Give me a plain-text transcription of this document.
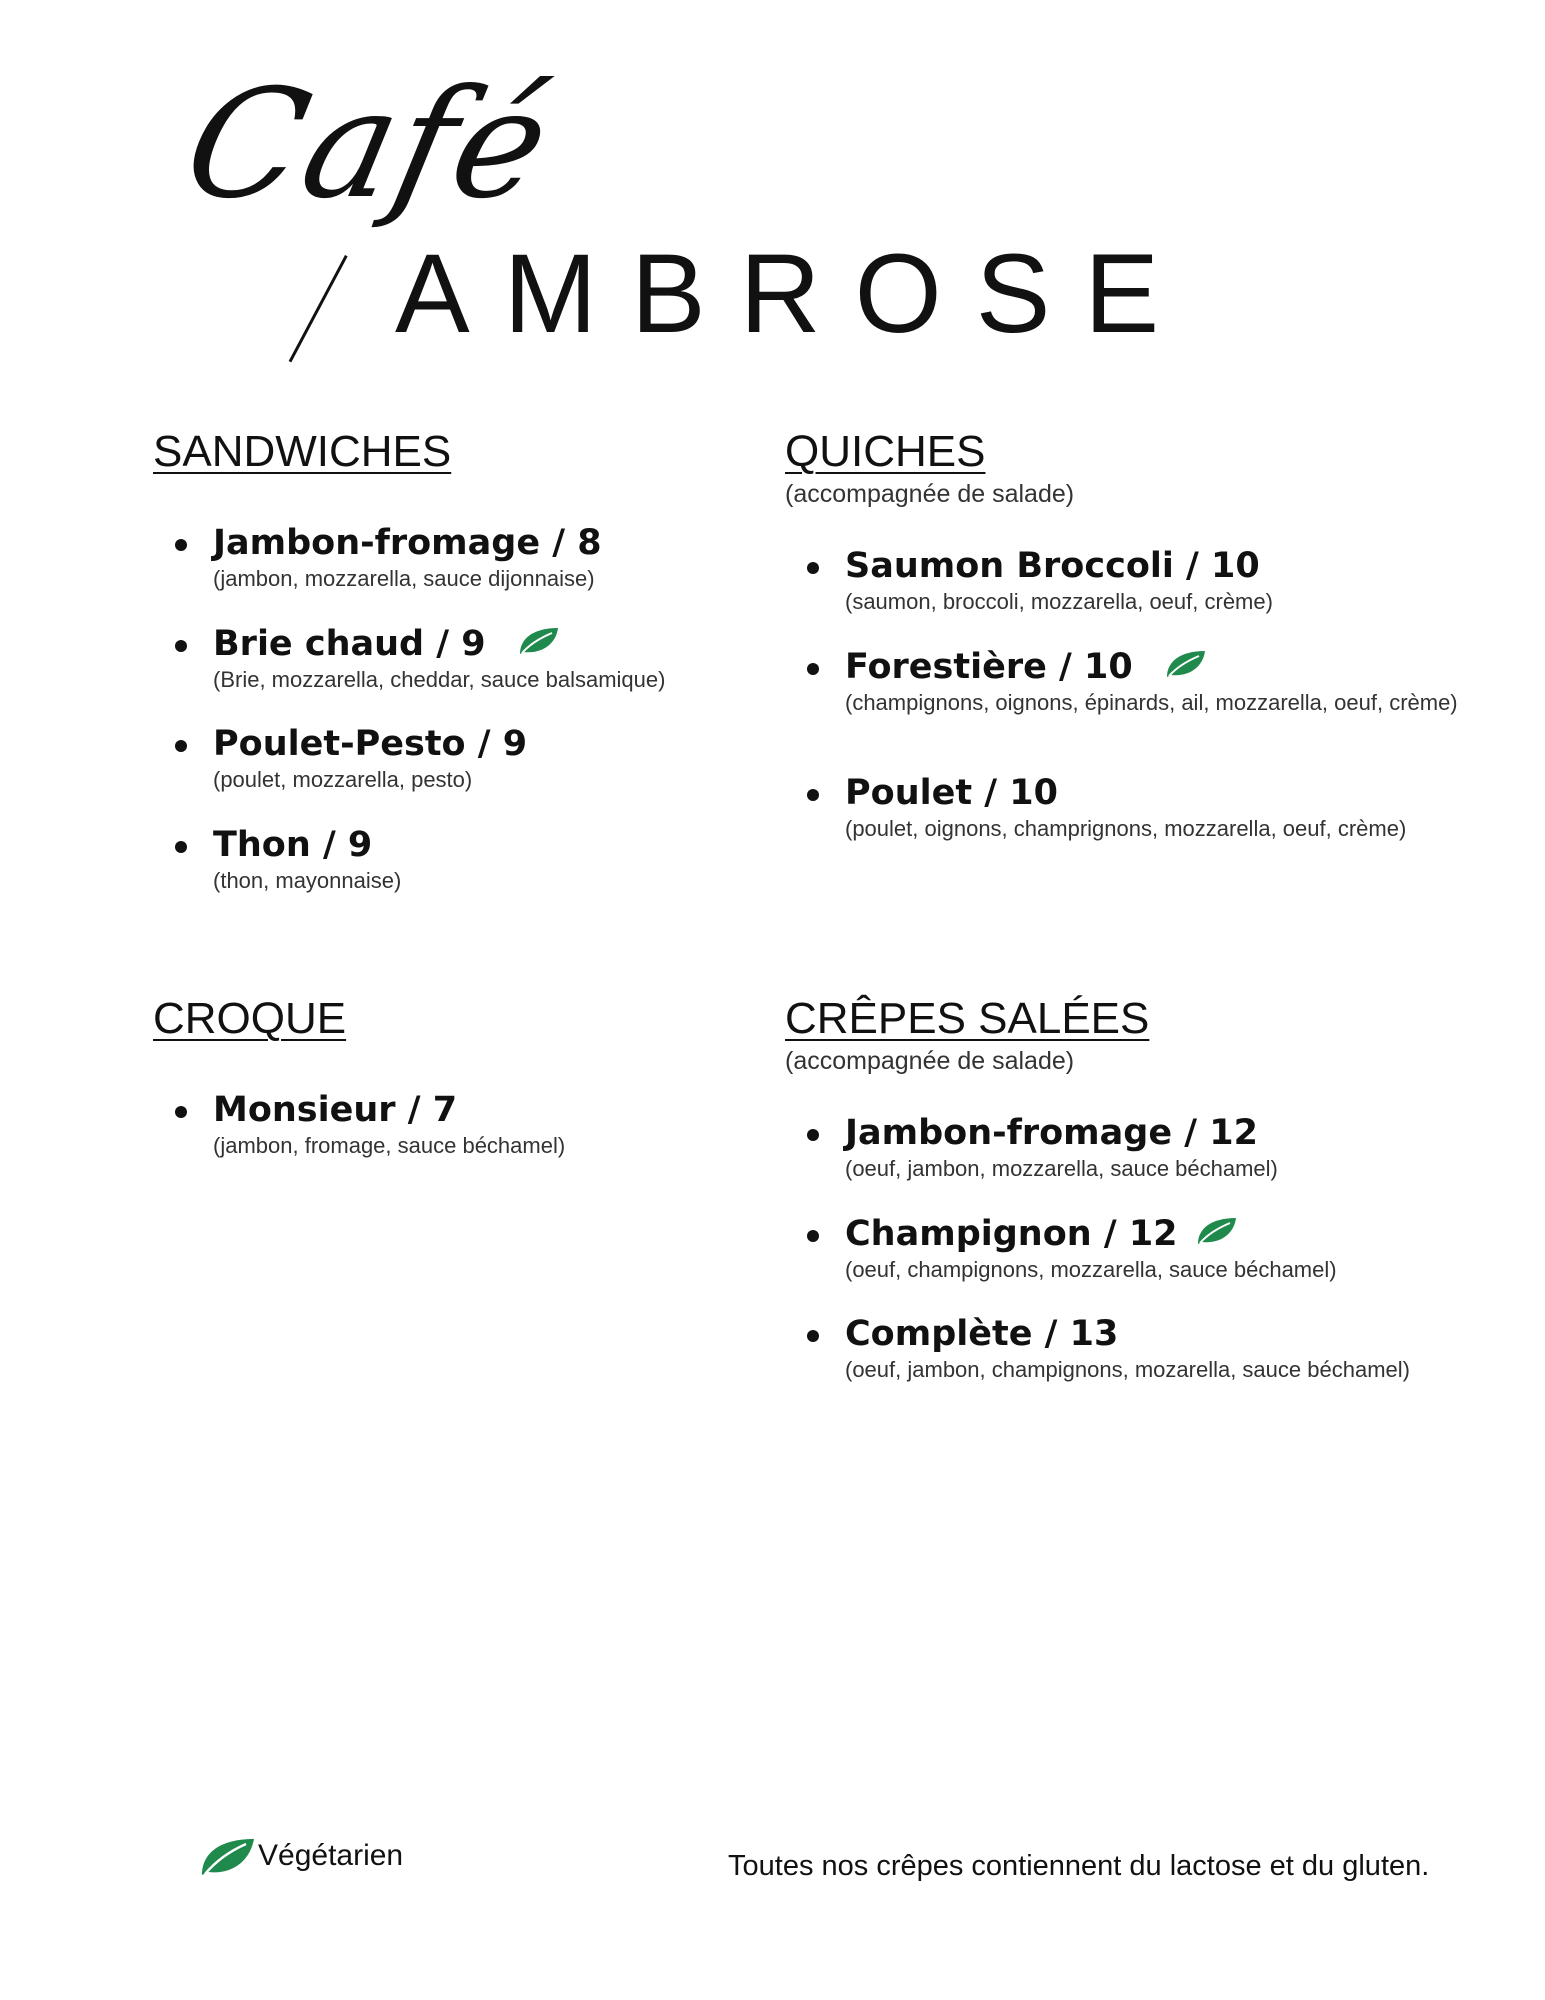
Café
AMBROSE
SANDWICHES
Jambon-fromage / 8
(jambon, mozzarella, sauce dijonnaise)
Brie chaud / 9
(Brie, mozzarella, cheddar, sauce balsamique)
Poulet-Pesto / 9
(poulet, mozzarella, pesto)
Thon / 9
(thon, mayonnaise)
QUICHES
(accompagnée de salade)
Saumon Broccoli / 10
(saumon, broccoli, mozzarella, oeuf, crème)
Forestière / 10
(champignons, oignons, épinards, ail, mozzarella, oeuf, crème)
Poulet / 10
(poulet, oignons, champrignons, mozzarella, oeuf, crème)
CROQUE
Monsieur / 7
(jambon, fromage, sauce béchamel)
CRÊPES SALÉES
(accompagnée de salade)
Jambon-fromage / 12
(oeuf, jambon, mozzarella, sauce béchamel)
Champignon / 12
(oeuf, champignons, mozzarella, sauce béchamel)
Complète / 13
(oeuf, jambon, champignons, mozarella, sauce béchamel)
Végétarien	Toutes nos crêpes contiennent du lactose et du gluten.
